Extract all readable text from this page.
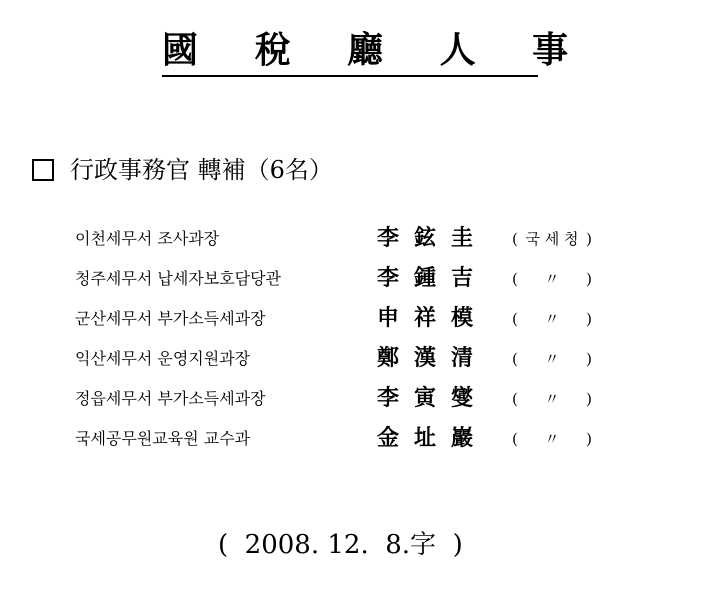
國 稅 廳 人 事
行政事務官 轉補（6名）
이천세무서 조사과장	李鉉圭 ( 국 세 청 )
청주세무서 납세자보호담당관	李鍾吉 (	〃	)
군산세무서 부가소득세과장	申祥模 (	〃	)
익산세무서 운영지원과장	鄭漢清 (	〃	)
정읍세무서 부가소득세과장	李寅燮 (	〃	)
국세공무원교육원 교수과	金址巖 (	〃	)
(  2008. 12.  8.字  )
